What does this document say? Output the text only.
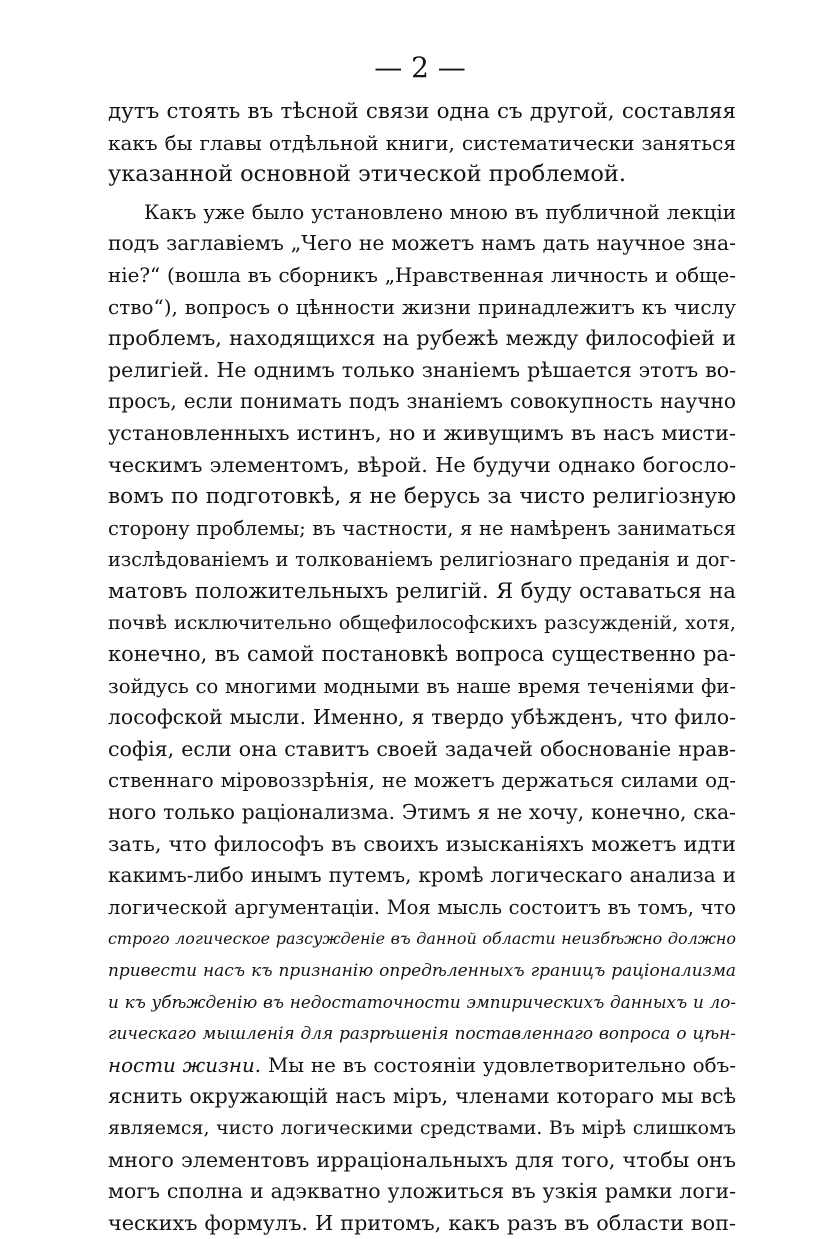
— 2 —
дутъ стоять въ тѣсной связи одна съ другой, составляя
какъ бы главы отдѣльной книги, систематически заняться
указанной основной этической проблемой.
Какъ уже было установлено мною въ публичной лекціи
подъ заглавіемъ „Чего не можетъ намъ дать научное зна-
ніе?“ (вошла въ сборникъ „Нравственная личность и обще-
ство“), вопросъ о цѣнности жизни принадлежитъ къ числу
проблемъ, находящихся на рубежѣ между философіей и
религіей. Не однимъ только знаніемъ рѣшается этотъ во-
просъ, если понимать подъ знаніемъ совокупность научно
установленныхъ истинъ, но и живущимъ въ насъ мисти-
ческимъ элементомъ, вѣрой. Не будучи однако богосло-
вомъ по подготовкѣ, я не берусь за чисто религіозную
сторону проблемы; въ частности, я не намѣренъ заниматься
изслѣдованіемъ и толкованіемъ религіознаго преданія и дог-
матовъ положительныхъ религій. Я буду оставаться на
почвѣ исключительно общефилософскихъ разсужденій, хотя,
конечно, въ самой постановкѣ вопроса существенно ра-
зойдусь со многими модными въ наше время теченіями фи-
лософской мысли. Именно, я твердо убѣжденъ, что фило-
софія, если она ставитъ своей задачей обоснованіе нрав-
ственнаго міровоззрѣнія, не можетъ держаться силами од-
ного только раціонализма. Этимъ я не хочу, конечно, ска-
зать, что философъ въ своихъ изысканіяхъ можетъ идти
какимъ-либо инымъ путемъ, кромѣ логическаго анализа и
логической аргументаціи. Моя мысль состоитъ въ томъ, что
строго логическое разсужденіе въ данной области неизбѣжно должно
привести насъ къ признанію опредѣленныхъ границъ раціонализма
и къ убѣжденію въ недостаточности эмпирическихъ данныхъ и ло-
гическаго мышленія для разрѣшенія поставленнаго вопроса о цѣн-
ности жизни. Мы не въ состояніи удовлетворительно объ-
яснить окружающій насъ міръ, членами котораго мы всѣ
являемся, чисто логическими средствами. Въ мірѣ слишкомъ
много элементовъ ирраціональныхъ для того, чтобы онъ
могъ сполна и адэкватно уложиться въ узкія рамки логи-
ческихъ формулъ. И притомъ, какъ разъ въ области воп-
